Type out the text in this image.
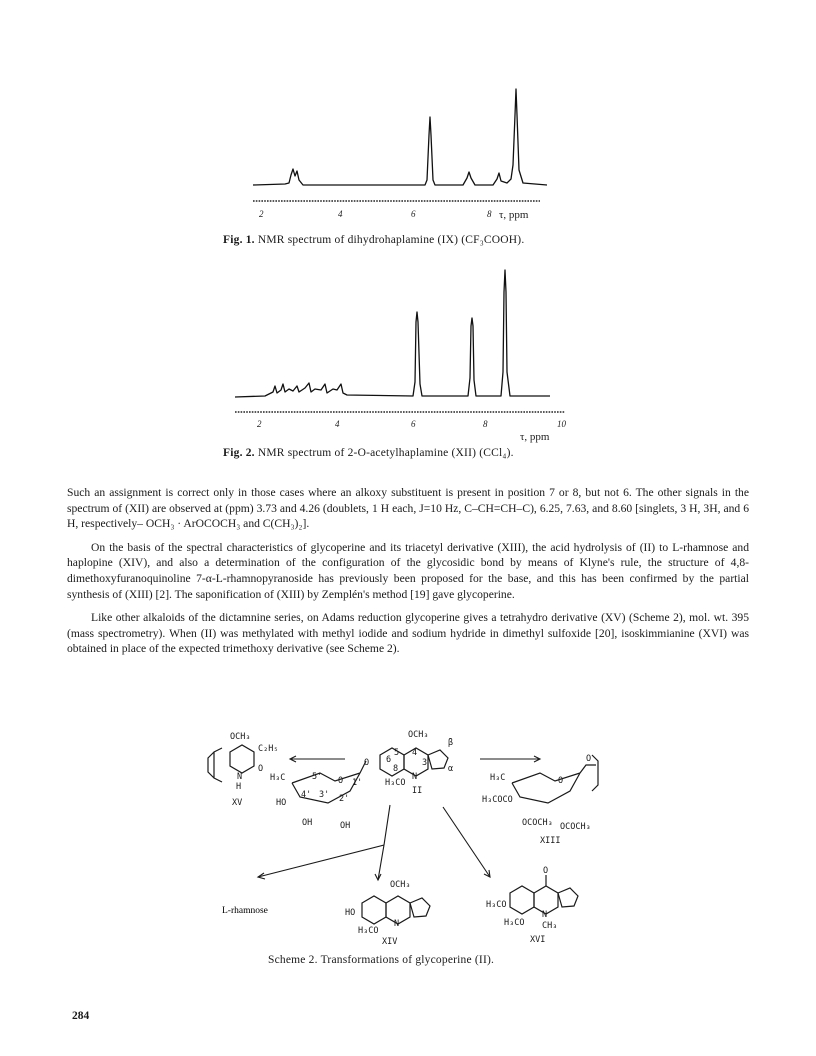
2	4	6	8 τ, ppm
Fig. 1. NMR spectrum of dihydrohaplamine (IX) (CF₃COOH).
2	4	6	8	10
τ, ppm
Fig. 2. NMR spectrum of 2-O-acetylhaplamine (XII) (CCl₄).

Such an assignment is correct only in those cases where an alkoxy substituent is present in position 7 or 8, but not 6. The other signals in the spectrum of (XII) are observed at (ppm) 3.73 and 4.26 (doublets, 1 H each, J=10 Hz, C–CH=CH–C), 6.25, 7.63, and 8.60 [singlets, 3 H, 3H, and 6 H, respectively– OCH₃ · ArOCOCH₃ and C(CH₃)₂].

On the basis of the spectral characteristics of glycoperine and its triacetyl derivative (XIII), the acid hydrolysis of (II) to L-rhamnose and haplopine (XIV), and also a determination of the configuration of the glycosidic bond by means of Klyne's rule, the structure of 4,8-dimethoxyfuranoquinoline 7-α-L-rhamnopyranoside has previously been proposed for the base, and this has been confirmed by the partial synthesis of (XIII) [2]. The saponification of (XIII) by Zemplén's method [19] gave glycoperine.

Like other alkaloids of the dictamnine series, on Adams reduction glycoperine gives a tetrahydro derivative (XV) (Scheme 2), mol. wt. 395 (mass spectrometry). When (II) was methylated with methyl iodide and sodium hydride in dimethyl sulfoxide [20], isoskimmianine (XVI) was obtained in place of the expected trimethoxy derivative (see Scheme 2).

OCH₃
C₂H₅
N
O
H
XV
OCH₃
O
H₃CO
N
β
α
6
5 4
8
3
II
H₃C
HO
OH	OH
O
5'
4'
1'
2'
3'
H₃C
H₃COCO
OCOCH₃ OCOCH₃
O
O
XIII
L-rhamnose
OCH₃
HO
H₃CO
N
XIV
O
H₃CO
H₃CO
N
CH₃
XVI
Scheme 2. Transformations of glycoperine (II).
284
